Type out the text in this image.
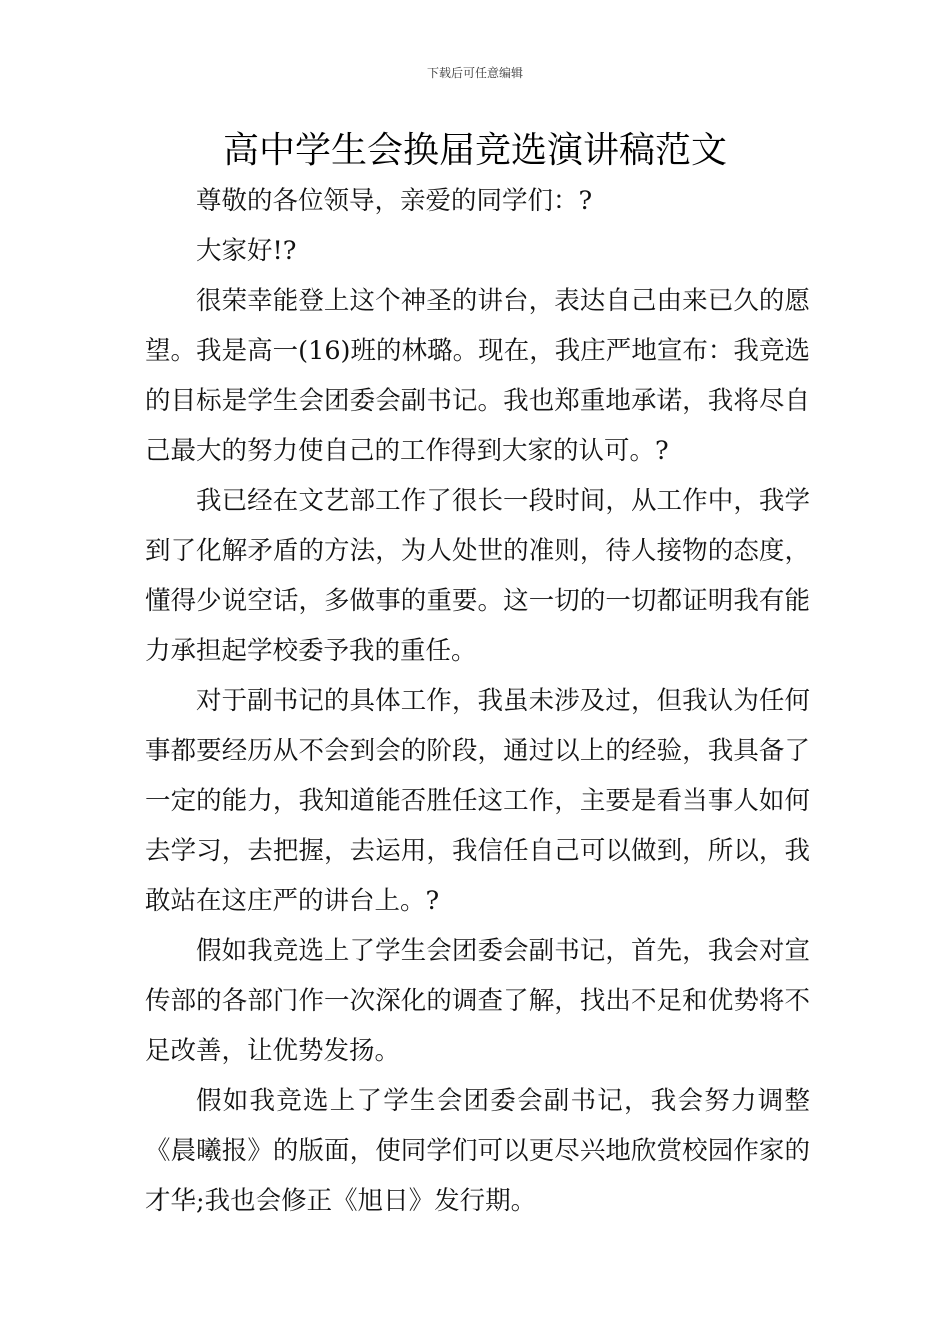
下载后可任意编辑
高中学生会换届竞选演讲稿范文

尊敬的各位领导，亲爱的同学们：?

大家好!?

很荣幸能登上这个神圣的讲台，表达自己由来已久的愿望。我是高一(16)班的林璐。现在，我庄严地宣布：我竞选的目标是学生会团委会副书记。我也郑重地承诺，我将尽自己最大的努力使自己的工作得到大家的认可。?

我已经在文艺部工作了很长一段时间，从工作中，我学到了化解矛盾的方法，为人处世的准则，待人接物的态度，懂得少说空话，多做事的重要。这一切的一切都证明我有能力承担起学校委予我的重任。

对于副书记的具体工作，我虽未涉及过，但我认为任何事都要经历从不会到会的阶段，通过以上的经验，我具备了一定的能力，我知道能否胜任这工作，主要是看当事人如何去学习，去把握，去运用，我信任自己可以做到，所以，我敢站在这庄严的讲台上。?

假如我竞选上了学生会团委会副书记，首先，我会对宣传部的各部门作一次深化的调查了解，找出不足和优势将不足改善，让优势发扬。

假如我竞选上了学生会团委会副书记，我会努力调整《晨曦报》的版面，使同学们可以更尽兴地欣赏校园作家的才华;我也会修正《旭日》发行期。
